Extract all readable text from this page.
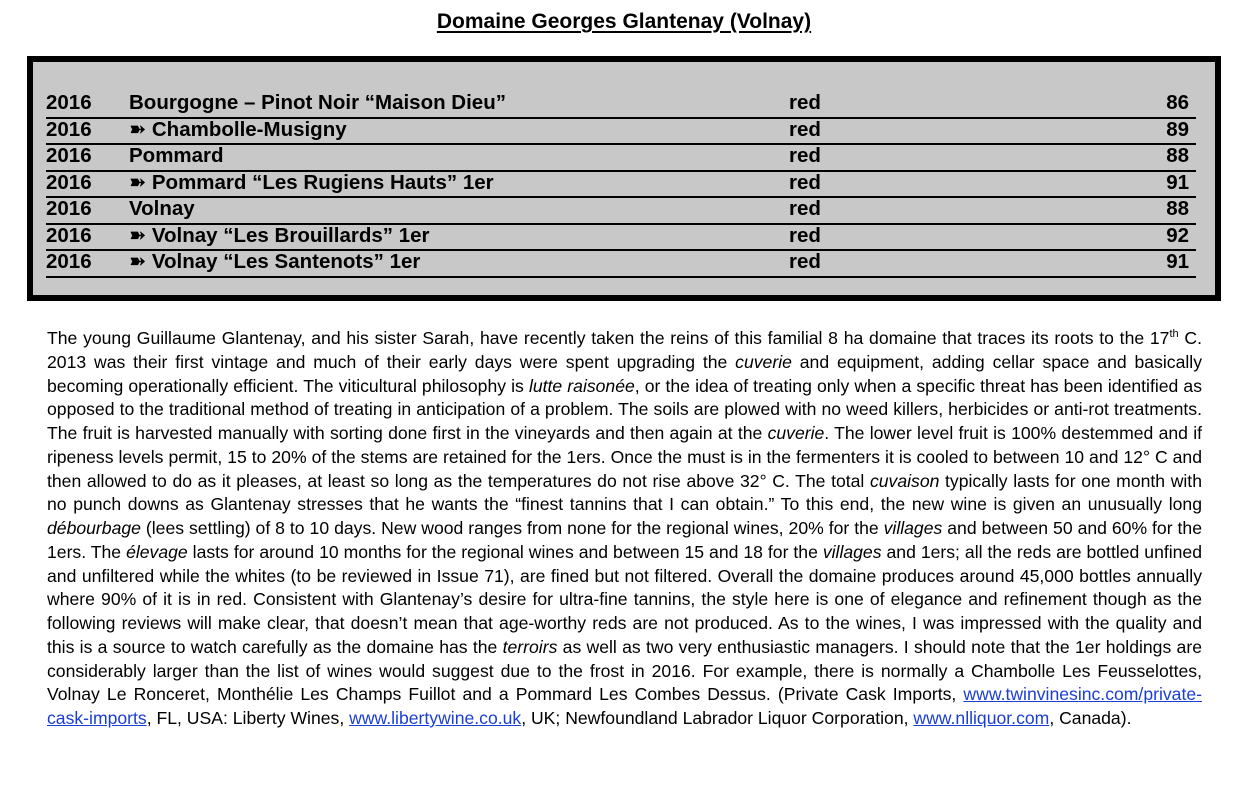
Domaine Georges Glantenay (Volnay)
2016 Bourgogne – Pinot Noir “Maison Dieu”	red	86
2016 ➽ Chambolle-Musigny	red	89
2016 Pommard	red	88
2016 ➽ Pommard “Les Rugiens Hauts” 1er	red	91
2016 Volnay	red	88
2016 ➽ Volnay “Les Brouillards” 1er	red	92
2016 ➽ Volnay “Les Santenots” 1er	red	91

The young Guillaume Glantenay, and his sister Sarah, have recently taken the reins of this familial 8 ha domaine that traces its roots to the 17th C. 2013 was their first vintage and much of their early days were spent upgrading the cuverie and equipment, adding cellar space and basically becoming operationally efficient. The viticultural philosophy is lutte raisonée, or the idea of treating only when a specific threat has been identified as opposed to the traditional method of treating in anticipation of a problem. The soils are plowed with no weed killers, herbicides or anti-rot treatments. The fruit is harvested manually with sorting done first in the vineyards and then again at the cuverie. The lower level fruit is 100% destemmed and if ripeness levels permit, 15 to 20% of the stems are retained for the 1ers. Once the must is in the fermenters it is cooled to between 10 and 12° C and then allowed to do as it pleases, at least so long as the temperatures do not rise above 32° C. The total cuvaison typically lasts for one month with no punch downs as Glantenay stresses that he wants the “finest tannins that I can obtain.” To this end, the new wine is given an unusually long débourbage (lees settling) of 8 to 10 days. New wood ranges from none for the regional wines, 20% for the villages and between 50 and 60% for the 1ers. The élevage lasts for around 10 months for the regional wines and between 15 and 18 for the villages and 1ers; all the reds are bottled unfined and unfiltered while the whites (to be reviewed in Issue 71), are fined but not filtered. Overall the domaine produces around 45,000 bottles annually where 90% of it is in red. Consistent with Glantenay’s desire for ultra-fine tannins, the style here is one of elegance and refinement though as the following reviews will make clear, that doesn’t mean that age-worthy reds are not produced. As to the wines, I was impressed with the quality and this is a source to watch carefully as the domaine has the terroirs as well as two very enthusiastic managers. I should note that the 1er holdings are considerably larger than the list of wines would suggest due to the frost in 2016. For example, there is normally a Chambolle Les Feusselottes, Volnay Le Ronceret, Monthélie Les Champs Fuillot and a Pommard Les Combes Dessus. (Private Cask Imports, www.twinvinesinc.com/private-cask-imports, FL, USA: Liberty Wines, www.libertywine.co.uk, UK; Newfoundland Labrador Liquor Corporation, www.nlliquor.com, Canada).
